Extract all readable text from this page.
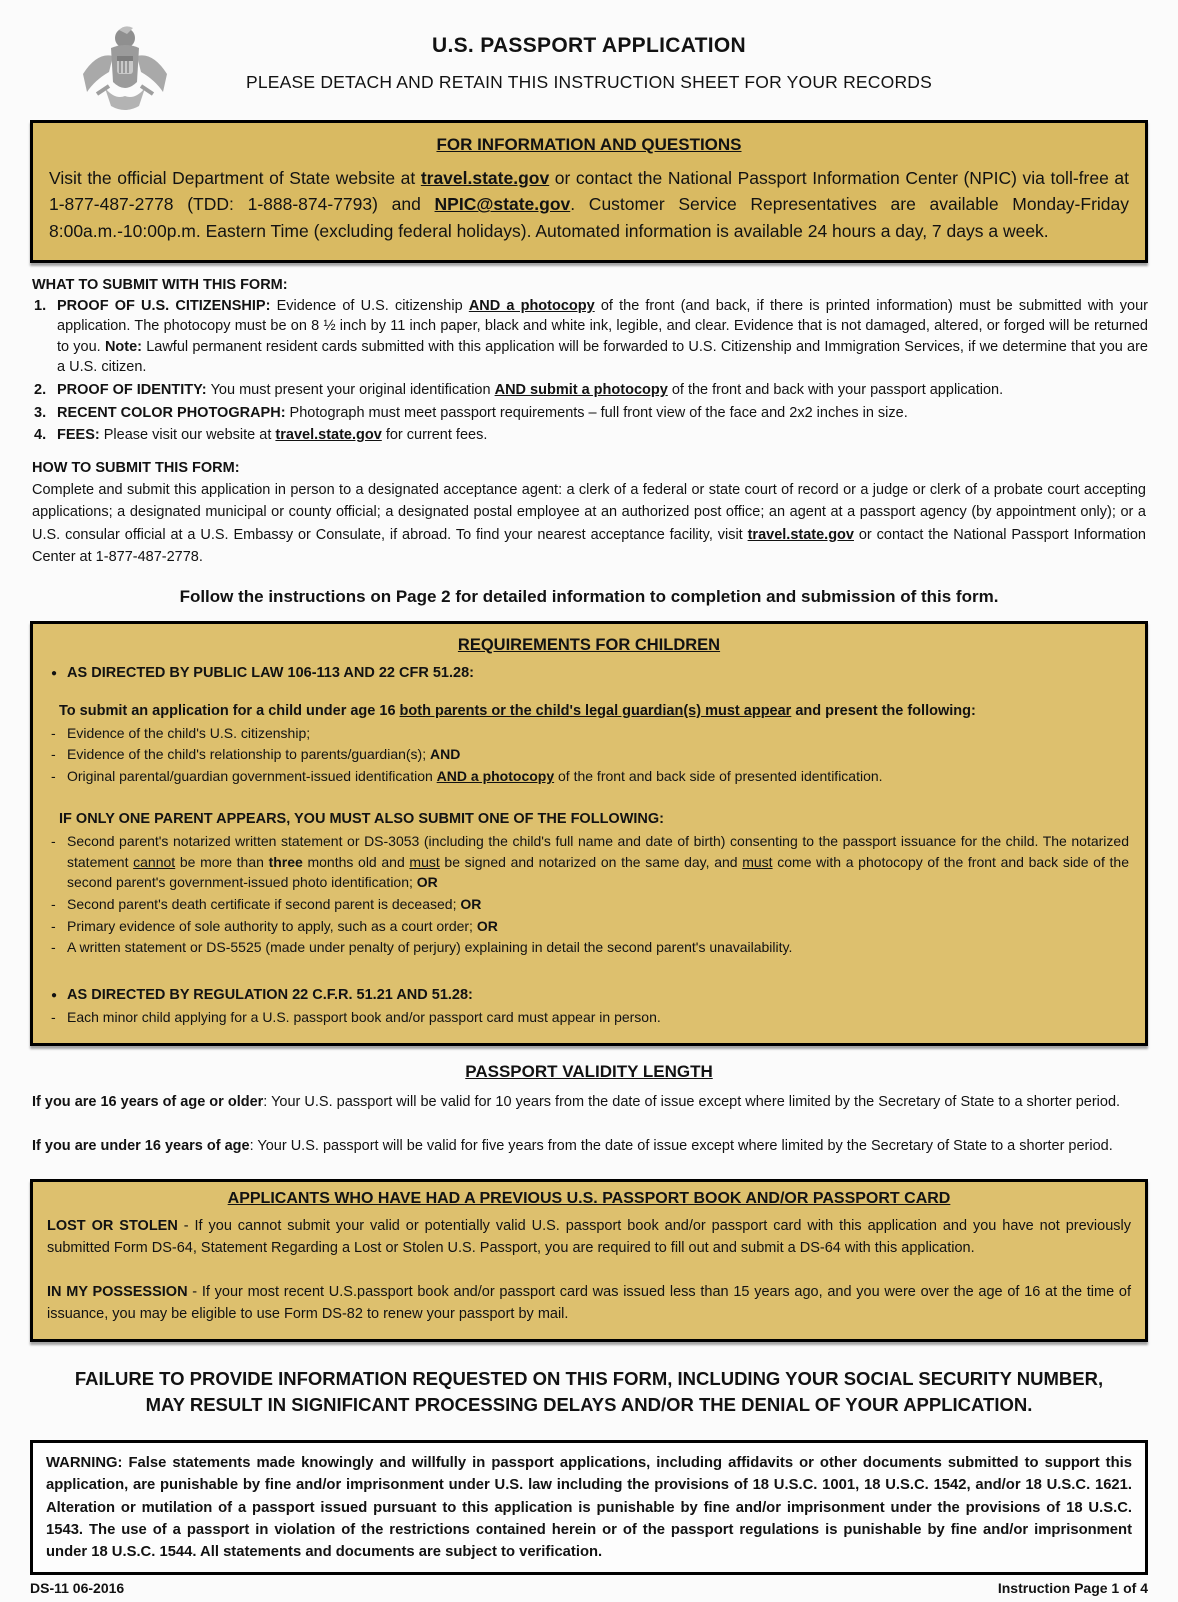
U.S. PASSPORT APPLICATION
PLEASE DETACH AND RETAIN THIS INSTRUCTION SHEET FOR YOUR RECORDS
FOR INFORMATION AND QUESTIONS

Visit the official Department of State website at travel.state.gov or contact the National Passport Information Center (NPIC) via toll-free at 1-877-487-2778 (TDD: 1-888-874-7793) and NPIC@state.gov. Customer Service Representatives are available Monday-Friday 8:00a.m.-10:00p.m. Eastern Time (excluding federal holidays). Automated information is available 24 hours a day, 7 days a week.

WHAT TO SUBMIT WITH THIS FORM:
1. PROOF OF U.S. CITIZENSHIP: Evidence of U.S. citizenship AND a photocopy of the front (and back, if there is printed information) must be submitted with your application. The photocopy must be on 8 ½ inch by 11 inch paper, black and white ink, legible, and clear. Evidence that is not damaged, altered, or forged will be returned to you. Note: Lawful permanent resident cards submitted with this application will be forwarded to U.S. Citizenship and Immigration Services, if we determine that you are a U.S. citizen.
2. PROOF OF IDENTITY: You must present your original identification AND submit a photocopy of the front and back with your passport application.
3. RECENT COLOR PHOTOGRAPH: Photograph must meet passport requirements – full front view of the face and 2x2 inches in size.
4. FEES: Please visit our website at travel.state.gov for current fees.
HOW TO SUBMIT THIS FORM:

Complete and submit this application in person to a designated acceptance agent: a clerk of a federal or state court of record or a judge or clerk of a probate court accepting applications; a designated municipal or county official; a designated postal employee at an authorized post office; an agent at a passport agency (by appointment only); or a U.S. consular official at a U.S. Embassy or Consulate, if abroad. To find your nearest acceptance facility, visit travel.state.gov or contact the National Passport Information Center at 1-877-487-2778.

Follow the instructions on Page 2 for detailed information to completion and submission of this form.
REQUIREMENTS FOR CHILDREN
● AS DIRECTED BY PUBLIC LAW 106-113 AND 22 CFR 51.28:
To submit an application for a child under age 16 both parents or the child's legal guardian(s) must appear and present the following:
- Evidence of the child's U.S. citizenship;
- Evidence of the child's relationship to parents/guardian(s); AND
- Original parental/guardian government-issued identification AND a photocopy of the front and back side of presented identification.
IF ONLY ONE PARENT APPEARS, YOU MUST ALSO SUBMIT ONE OF THE FOLLOWING:
- Second parent's notarized written statement or DS-3053 (including the child's full name and date of birth) consenting to the passport issuance for the child. The notarized statement cannot be more than three months old and must be signed and notarized on the same day, and must come with a photocopy of the front and back side of the second parent's government-issued photo identification; OR
- Second parent's death certificate if second parent is deceased; OR
- Primary evidence of sole authority to apply, such as a court order; OR
- A written statement or DS-5525 (made under penalty of perjury) explaining in detail the second parent's unavailability.
● AS DIRECTED BY REGULATION 22 C.F.R. 51.21 AND 51.28:
- Each minor child applying for a U.S. passport book and/or passport card must appear in person.
PASSPORT VALIDITY LENGTH

If you are 16 years of age or older: Your U.S. passport will be valid for 10 years from the date of issue except where limited by the Secretary of State to a shorter period.

If you are under 16 years of age: Your U.S. passport will be valid for five years from the date of issue except where limited by the Secretary of State to a shorter period.

APPLICANTS WHO HAVE HAD A PREVIOUS U.S. PASSPORT BOOK AND/OR PASSPORT CARD

LOST OR STOLEN - If you cannot submit your valid or potentially valid U.S. passport book and/or passport card with this application and you have not previously submitted Form DS-64, Statement Regarding a Lost or Stolen U.S. Passport, you are required to fill out and submit a DS-64 with this application.

IN MY POSSESSION - If your most recent U.S.passport book and/or passport card was issued less than 15 years ago, and you were over the age of 16 at the time of issuance, you may be eligible to use Form DS-82 to renew your passport by mail.

FAILURE TO PROVIDE INFORMATION REQUESTED ON THIS FORM, INCLUDING YOUR SOCIAL SECURITY NUMBER, MAY RESULT IN SIGNIFICANT PROCESSING DELAYS AND/OR THE DENIAL OF YOUR APPLICATION.

WARNING: False statements made knowingly and willfully in passport applications, including affidavits or other documents submitted to support this application, are punishable by fine and/or imprisonment under U.S. law including the provisions of 18 U.S.C. 1001, 18 U.S.C. 1542, and/or 18 U.S.C. 1621. Alteration or mutilation of a passport issued pursuant to this application is punishable by fine and/or imprisonment under the provisions of 18 U.S.C. 1543. The use of a passport in violation of the restrictions contained herein or of the passport regulations is punishable by fine and/or imprisonment under 18 U.S.C. 1544. All statements and documents are subject to verification.

DS-11 06-2016	Instruction Page 1 of 4
